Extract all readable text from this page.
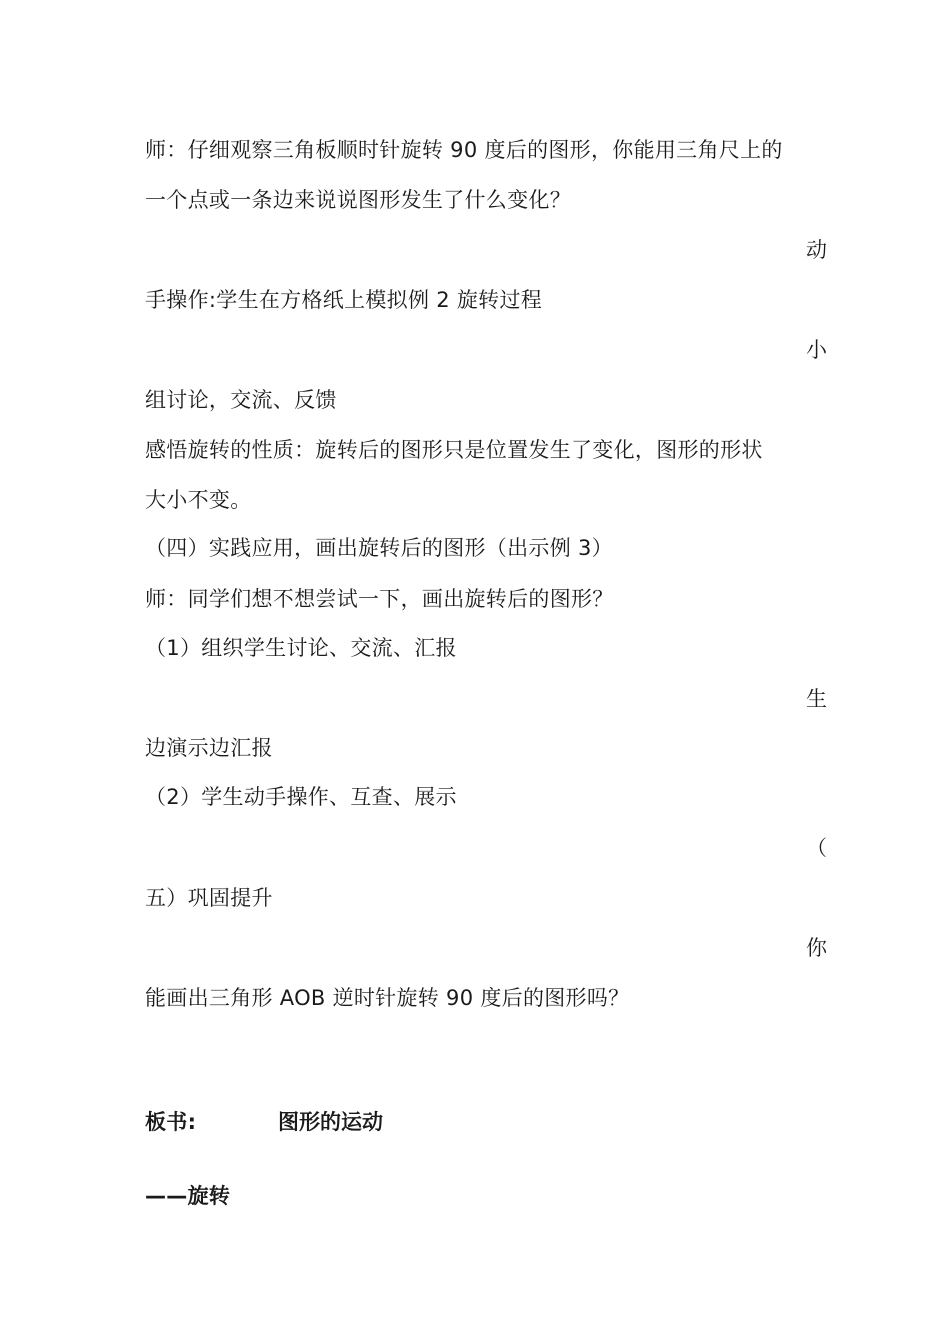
师：仔细观察三角板顺时针旋转 90 度后的图形，你能用三角尺上的
一个点或一条边来说说图形发生了什么变化？
动
手操作:学生在方格纸上模拟例 2 旋转过程
小
组讨论，交流、反馈
感悟旋转的性质：旋转后的图形只是位置发生了变化，图形的形状
大小不变。
（四）实践应用，画出旋转后的图形（出示例 3）
师：同学们想不想尝试一下，画出旋转后的图形？
（1）组织学生讨论、交流、汇报
生
边演示边汇报
（2）学生动手操作、互查、展示
（
五）巩固提升
你
能画出三角形 AOB 逆时针旋转 90 度后的图形吗？
板书:	图形的运动
——旋转
